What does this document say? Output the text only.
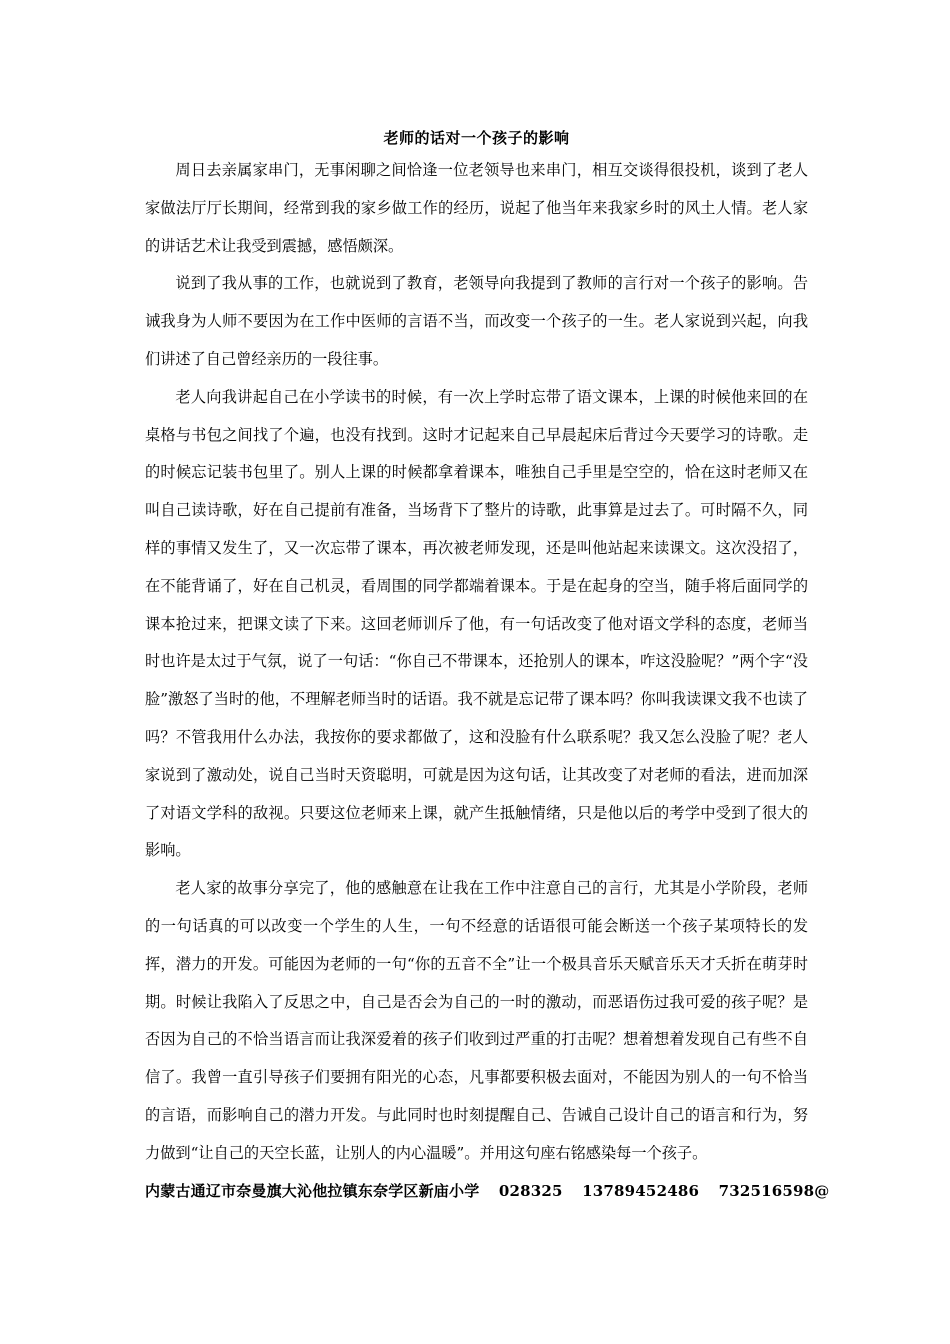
老师的话对一个孩子的影响

周日去亲属家串门，无事闲聊之间恰逢一位老领导也来串门，相互交谈得很投机，谈到了老人家做法厅厅长期间，经常到我的家乡做工作的经历，说起了他当年来我家乡时的风土人情。老人家的讲话艺术让我受到震撼，感悟颇深。

说到了我从事的工作，也就说到了教育，老领导向我提到了教师的言行对一个孩子的影响。告诫我身为人师不要因为在工作中医师的言语不当，而改变一个孩子的一生。老人家说到兴起，向我们讲述了自己曾经亲历的一段往事。

老人向我讲起自己在小学读书的时候，有一次上学时忘带了语文课本，上课的时候他来回的在桌格与书包之间找了个遍，也没有找到。这时才记起来自己早晨起床后背过今天要学习的诗歌。走的时候忘记装书包里了。别人上课的时候都拿着课本，唯独自己手里是空空的，恰在这时老师又在叫自己读诗歌，好在自己提前有准备，当场背下了整片的诗歌，此事算是过去了。可时隔不久，同样的事情又发生了，又一次忘带了课本，再次被老师发现，还是叫他站起来读课文。这次没招了，在不能背诵了，好在自己机灵，看周围的同学都端着课本。于是在起身的空当，随手将后面同学的课本抢过来，把课文读了下来。这回老师训斥了他，有一句话改变了他对语文学科的态度，老师当时也许是太过于气氛，说了一句话：“你自己不带课本，还抢别人的课本，咋这没脸呢？”两个字“没脸”激怒了当时的他，不理解老师当时的话语。我不就是忘记带了课本吗？你叫我读课文我不也读了吗？不管我用什么办法，我按你的要求都做了，这和没脸有什么联系呢？我又怎么没脸了呢？老人家说到了激动处，说自己当时天资聪明，可就是因为这句话，让其改变了对老师的看法，进而加深了对语文学科的敌视。只要这位老师来上课，就产生抵触情绪，只是他以后的考学中受到了很大的影响。

老人家的故事分享完了，他的感触意在让我在工作中注意自己的言行，尤其是小学阶段，老师的一句话真的可以改变一个学生的人生，一句不经意的话语很可能会断送一个孩子某项特长的发挥，潜力的开发。可能因为老师的一句“你的五音不全”让一个极具音乐天赋音乐天才夭折在萌芽时期。时候让我陷入了反思之中，自己是否会为自己的一时的激动，而恶语伤过我可爱的孩子呢？是否因为自己的不恰当语言而让我深爱着的孩子们收到过严重的打击呢？想着想着发现自己有些不自信了。我曾一直引导孩子们要拥有阳光的心态，凡事都要积极去面对，不能因为别人的一句不恰当的言语，而影响自己的潜力开发。与此同时也时刻提醒自己、告诫自己设计自己的语言和行为，努力做到“让自己的天空长蓝，让别人的内心温暖”。并用这句座右铭感染每一个孩子。

内蒙古通辽市奈曼旗大沁他拉镇东奈学区新庙小学 028325 13789452486 732516598@
